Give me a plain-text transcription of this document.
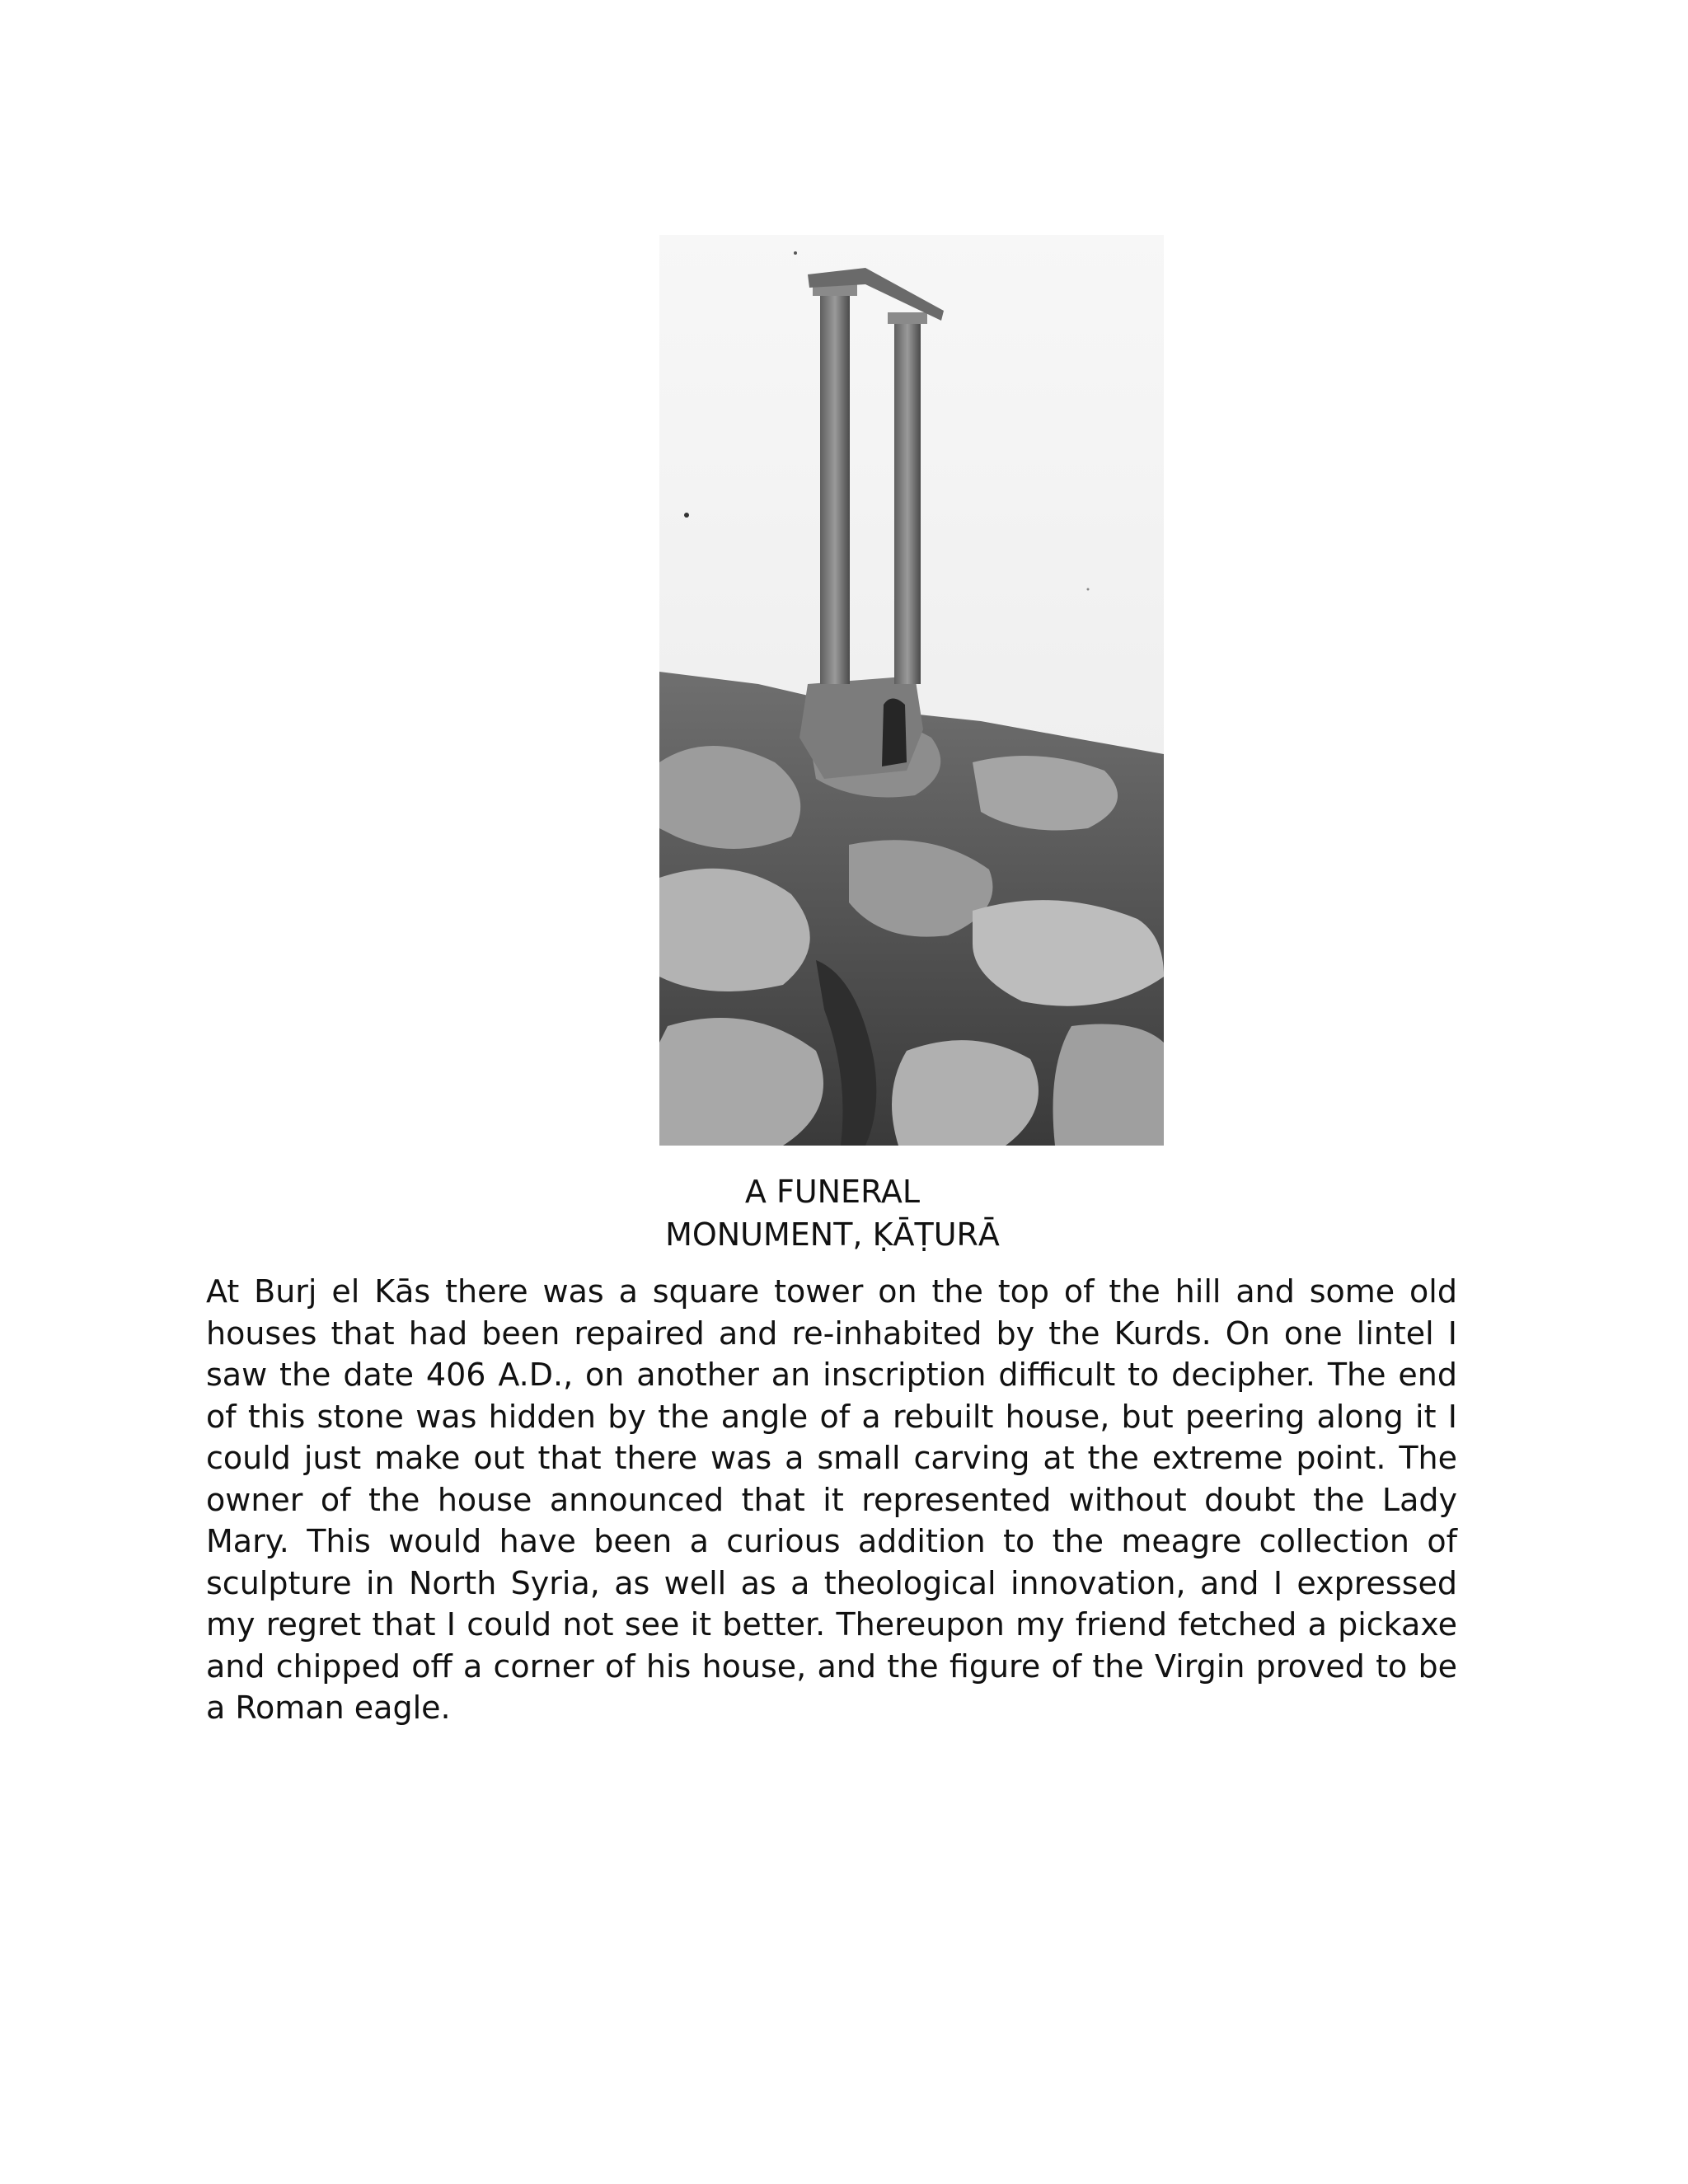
A FUNERAL
MONUMENT, ḲĀṬURĀ
At Burj el Kās there was a square tower on the top of the hill and some old houses that had been repaired and re-inhabited by the Kurds. On one lintel I saw the date 406 A.D., on another an inscription difficult to decipher. The end of this stone was hidden by the angle of a rebuilt house, but peering along it I could just make out that there was a small carving at the extreme point. The owner of the house announced that it represented without doubt the Lady Mary. This would have been a curious addition to the meagre collection of sculpture in North Syria, as well as a theological innovation, and I expressed my regret that I could not see it better. Thereupon my friend fetched a pickaxe and chipped off a corner of his house, and the figure of the Virgin proved to be a Roman eagle.
